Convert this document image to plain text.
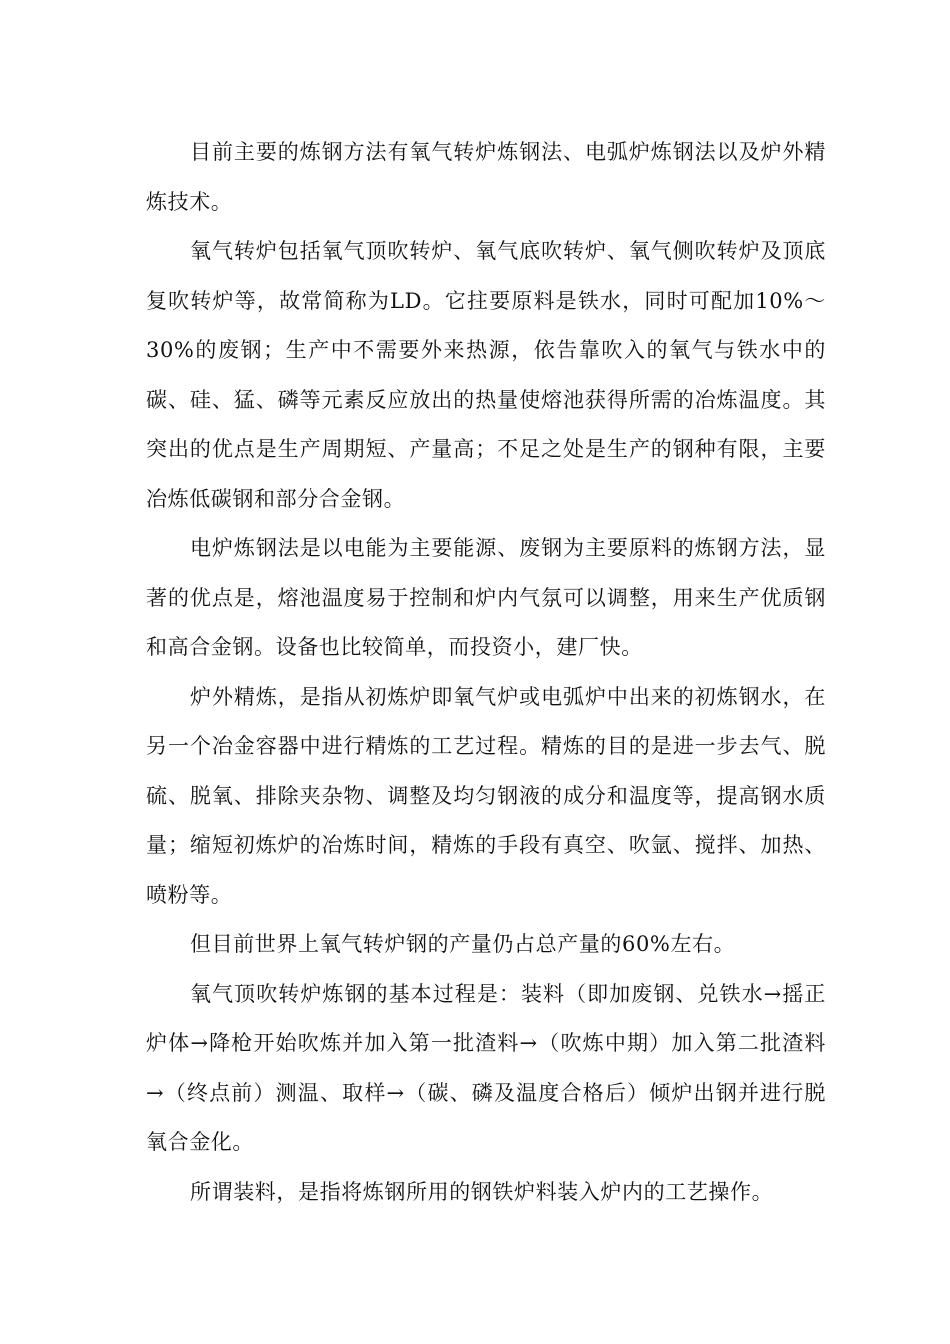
目前主要的炼钢方法有氧气转炉炼钢法、电弧炉炼钢法以及炉外精炼技术。

氧气转炉包括氧气顶吹转炉、氧气底吹转炉、氧气侧吹转炉及顶底复吹转炉等，故常简称为LD。它拄要原料是铁水，同时可配加10%～30%的废钢；生产中不需要外来热源，依告靠吹入的氧气与铁水中的碳、硅、猛、磷等元素反应放出的热量使熔池获得所需的冶炼温度。其突出的优点是生产周期短、产量高；不足之处是生产的钢种有限，主要冶炼低碳钢和部分合金钢。

电炉炼钢法是以电能为主要能源、废钢为主要原料的炼钢方法，显著的优点是，熔池温度易于控制和炉内气氛可以调整，用来生产优质钢和高合金钢。设备也比较简单，而投资小，建厂快。

炉外精炼，是指从初炼炉即氧气炉或电弧炉中出来的初炼钢水，在另一个冶金容器中进行精炼的工艺过程。精炼的目的是进一步去气、脱硫、脱氧、排除夹杂物、调整及均匀钢液的成分和温度等，提高钢水质量；缩短初炼炉的冶炼时间，精炼的手段有真空、吹氩、搅拌、加热、喷粉等。

但目前世界上氧气转炉钢的产量仍占总产量的60%左右。

氧气顶吹转炉炼钢的基本过程是：装料（即加废钢、兑铁水→摇正炉体→降枪开始吹炼并加入第一批渣料→（吹炼中期）加入第二批渣料→（终点前）测温、取样→（碳、磷及温度合格后）倾炉出钢并进行脱氧合金化。

所谓装料，是指将炼钢所用的钢铁炉料装入炉内的工艺操作。
